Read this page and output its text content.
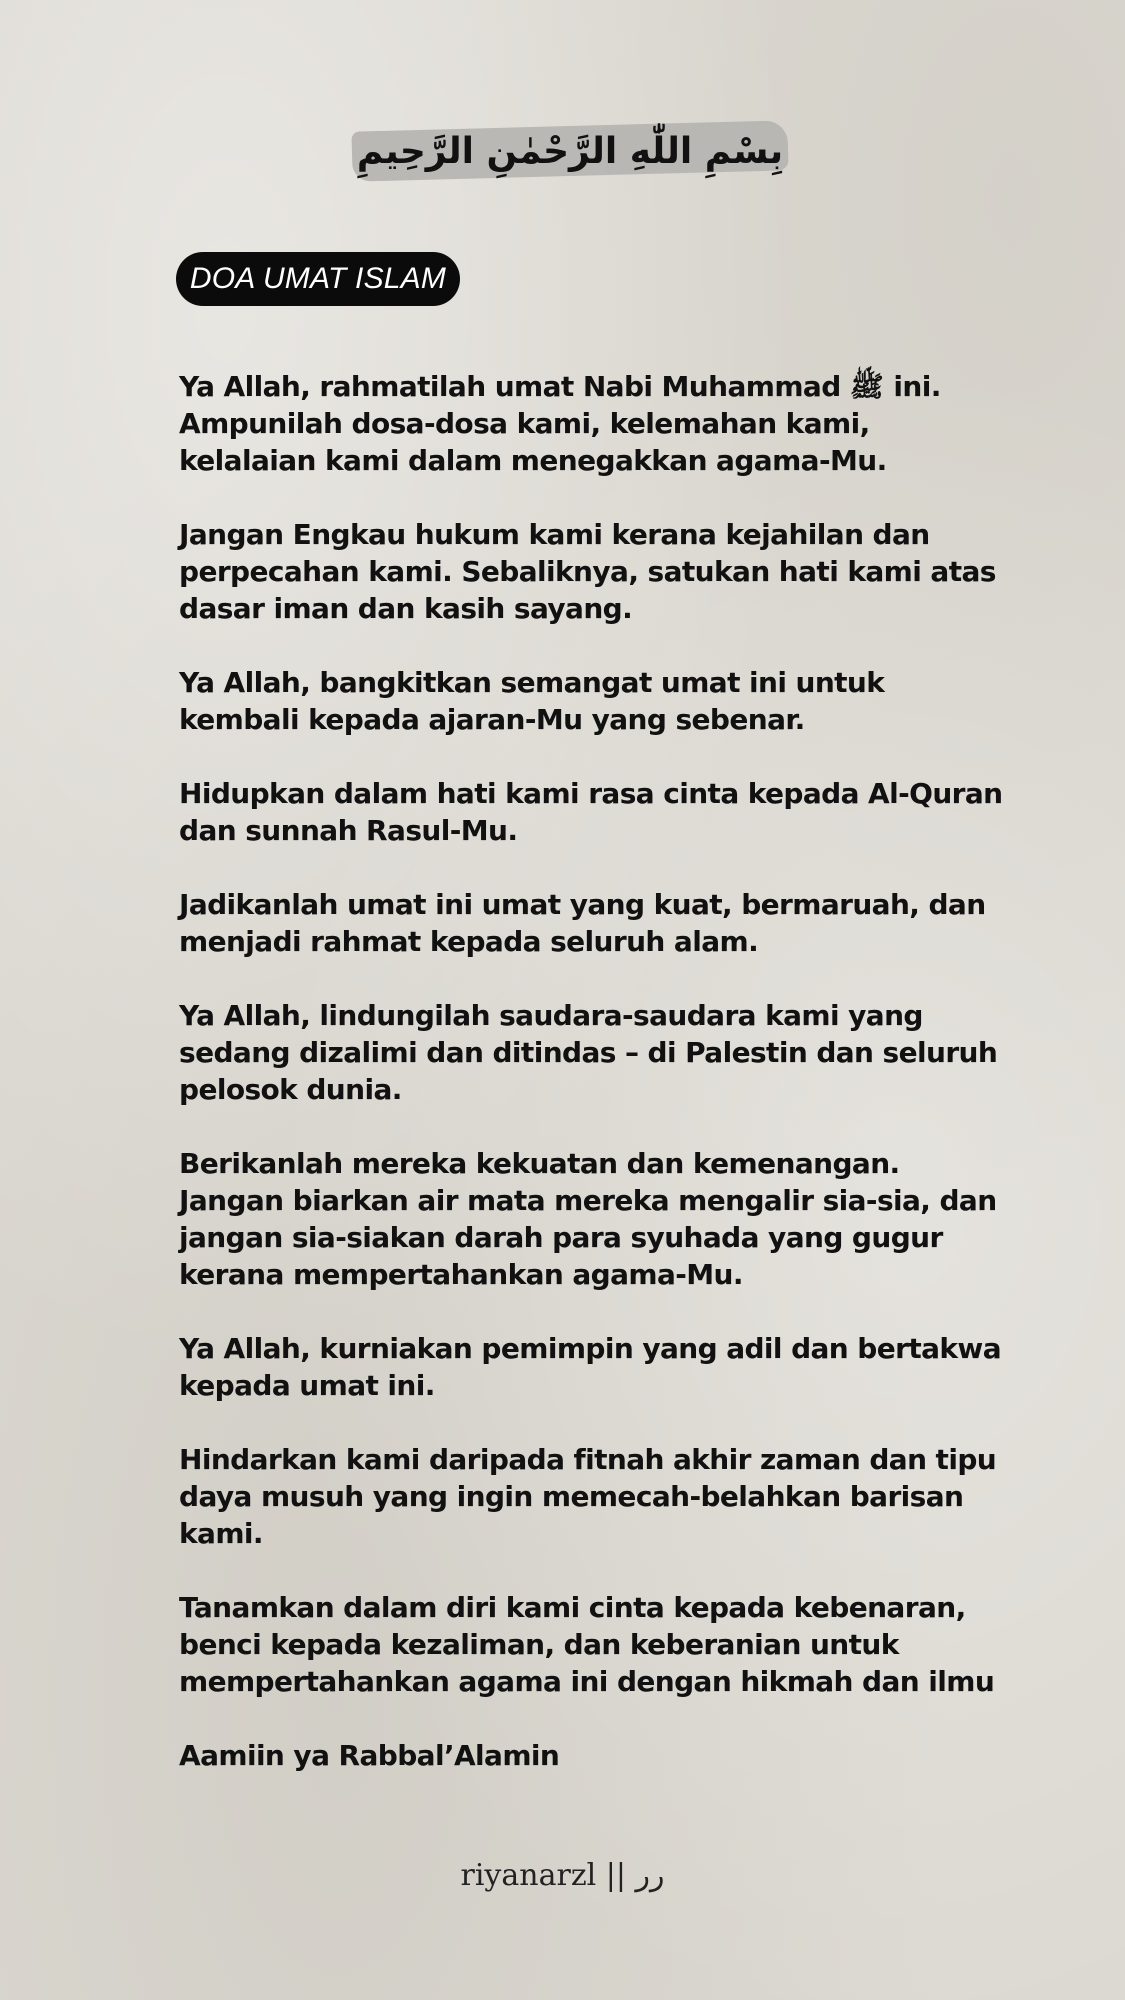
بِسْمِ اللّٰهِ الرَّحْمٰنِ الرَّحِيمِ
DOA UMAT ISLAM

Ya Allah, rahmatilah umat Nabi Muhammad ﷺ ini. Ampunilah dosa-dosa kami, kelemahan kami, kelalaian kami dalam menegakkan agama-Mu.

Jangan Engkau hukum kami kerana kejahilan dan perpecahan kami. Sebaliknya, satukan hati kami atas dasar iman dan kasih sayang.

Ya Allah, bangkitkan semangat umat ini untuk kembali kepada ajaran-Mu yang sebenar.

Hidupkan dalam hati kami rasa cinta kepada Al-Quran dan sunnah Rasul-Mu.

Jadikanlah umat ini umat yang kuat, bermaruah, dan menjadi rahmat kepada seluruh alam.

Ya Allah, lindungilah saudara-saudara kami yang sedang dizalimi dan ditindas – di Palestin dan seluruh pelosok dunia.

Berikanlah mereka kekuatan dan kemenangan. Jangan biarkan air mata mereka mengalir sia-sia, dan jangan sia-siakan darah para syuhada yang gugur kerana mempertahankan agama-Mu.

Ya Allah, kurniakan pemimpin yang adil dan bertakwa kepada umat ini.

Hindarkan kami daripada fitnah akhir zaman dan tipu daya musuh yang ingin memecah-belahkan barisan kami.

Tanamkan dalam diri kami cinta kepada kebenaran, benci kepada kezaliman, dan keberanian untuk mempertahankan agama ini dengan hikmah dan ilmu

Aamiin ya Rabbal’Alamin

riyanarzl || رر
